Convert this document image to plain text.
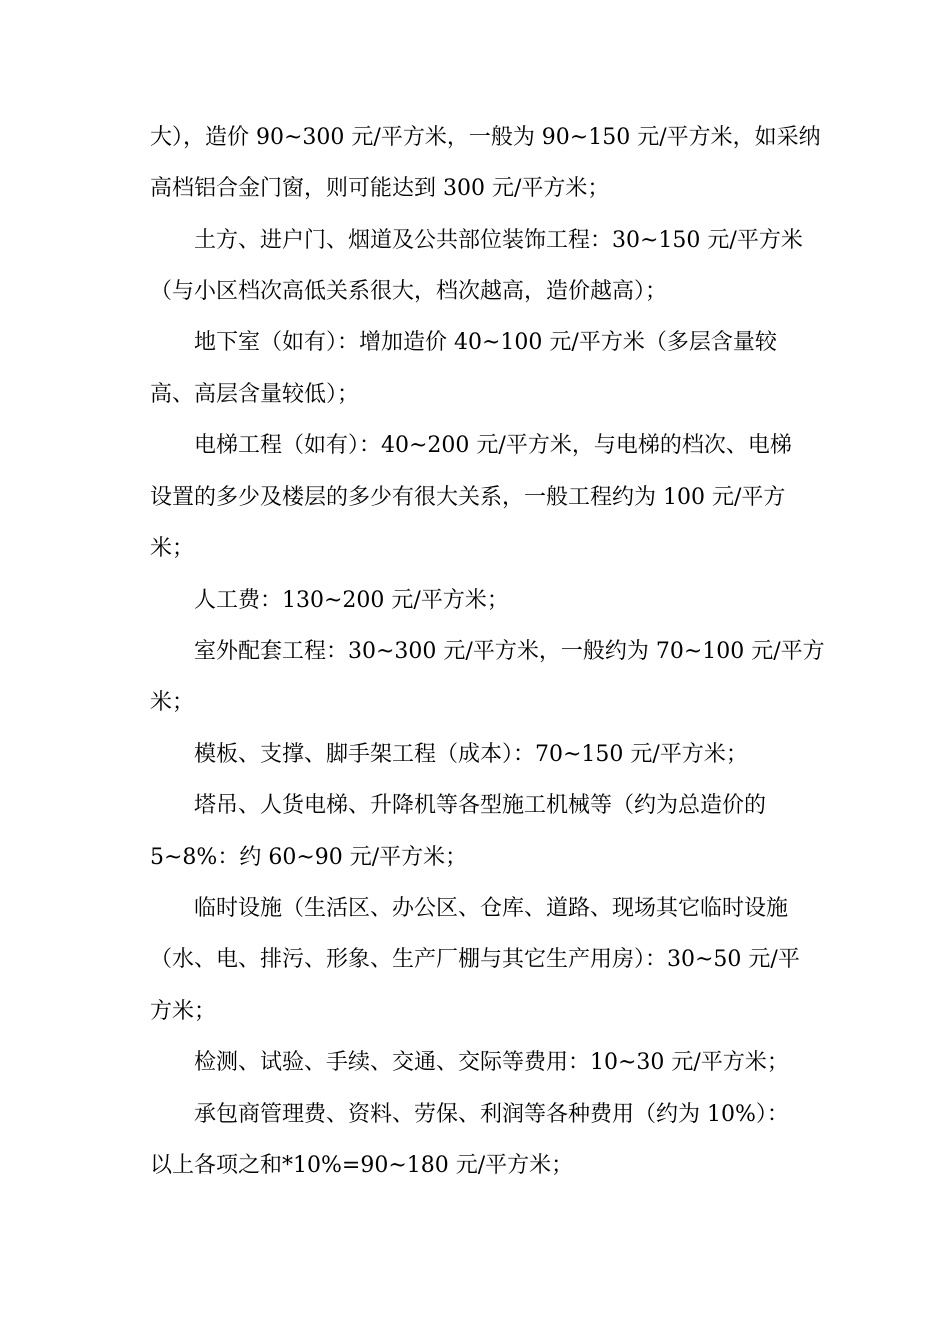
大），造价 90~300 元/平方米，一般为 90~150 元/平方米，如采纳
高档铝合金门窗，则可能达到 300 元/平方米；
土方、进户门、烟道及公共部位装饰工程：30~150 元/平方米
（与小区档次高低关系很大，档次越高，造价越高）；
地下室（如有）：增加造价 40~100 元/平方米（多层含量较
高、高层含量较低）；
电梯工程（如有）：40~200 元/平方米，与电梯的档次、电梯
设置的多少及楼层的多少有很大关系，一般工程约为 100 元/平方
米；
人工费：130~200 元/平方米；
室外配套工程：30~300 元/平方米，一般约为 70~100 元/平方
米；
模板、支撑、脚手架工程（成本）：70~150 元/平方米；
塔吊、人货电梯、升降机等各型施工机械等（约为总造价的
5~8%：约 60~90 元/平方米；
临时设施（生活区、办公区、仓库、道路、现场其它临时设施
（水、电、排污、形象、生产厂棚与其它生产用房）：30~50 元/平
方米；
检测、试验、手续、交通、交际等费用：10~30 元/平方米；
承包商管理费、资料、劳保、利润等各种费用（约为 10%）：
以上各项之和*10%=90~180 元/平方米；
